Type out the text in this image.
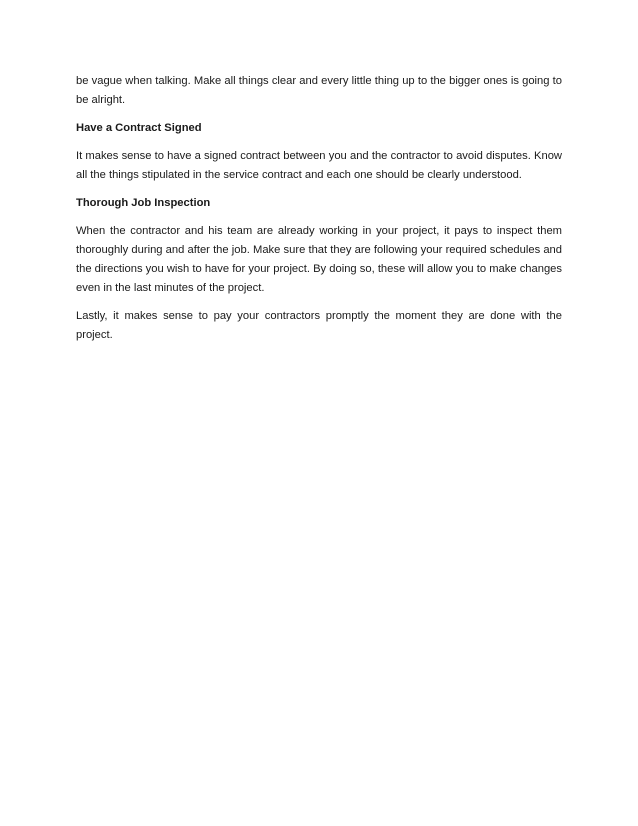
be vague when talking. Make all things clear and every little thing up to the bigger ones is going to be alright.

Have a Contract Signed

It makes sense to have a signed contract between you and the contractor to avoid disputes. Know all the things stipulated in the service contract and each one should be clearly understood.

Thorough Job Inspection

When the contractor and his team are already working in your project, it pays to inspect them thoroughly during and after the job. Make sure that they are following your required schedules and the directions you wish to have for your project. By doing so, these will allow you to make changes even in the last minutes of the project.

Lastly, it makes sense to pay your contractors promptly the moment they are done with the project.
